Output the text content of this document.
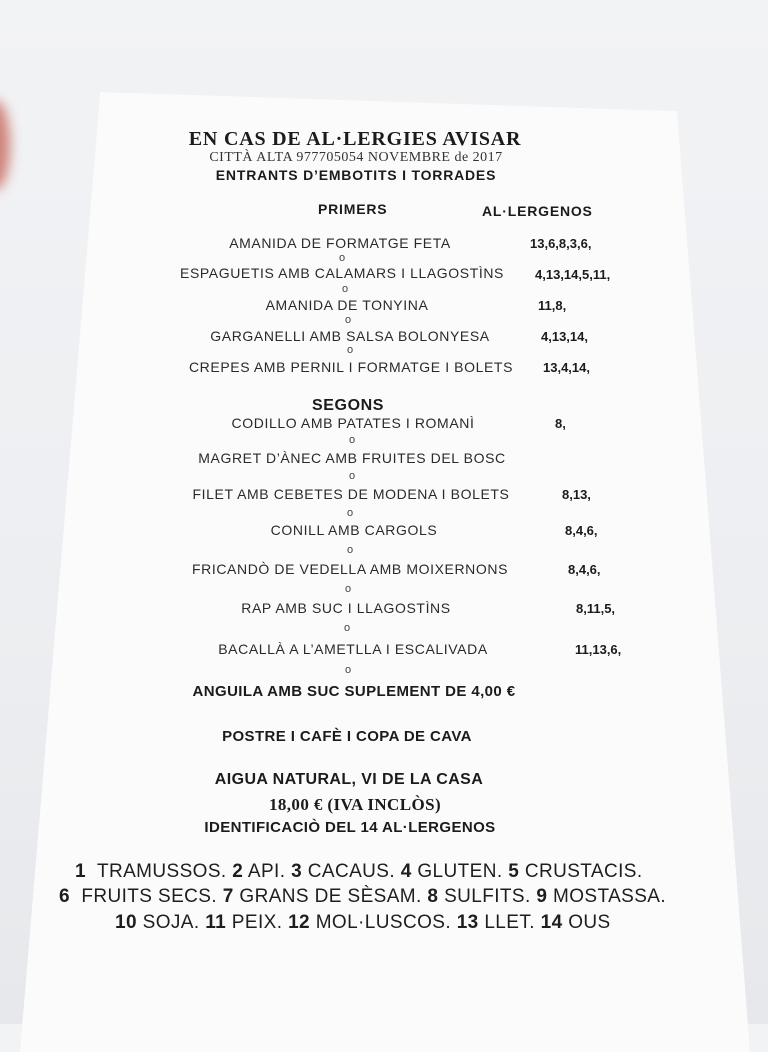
EN CAS DE AL·LERGIES AVISAR
CITTÀ ALTA 977705054 NOVEMBRE de 2017
ENTRANTS D’EMBOTITS I TORRADES
PRIMERS	AL·LERGENOS
AMANIDA DE FORMATGE FETA	13,6,8,3,6,
o
ESPAGUETIS AMB CALAMARS I LLAGOSTÌNS 4,13,14,5,11,
o
AMANIDA DE TONYINA	11,8,
o
GARGANELLI AMB SALSA BOLONYESA	4,13,14,
o
CREPES AMB PERNIL I FORMATGE I BOLETS 13,4,14,
SEGONS
CODILLO AMB PATATES I ROMANÌ	8,
o
MAGRET D’ÀNEC AMB FRUITES DEL BOSC
o
FILET AMB CEBETES DE MODENA I BOLETS	8,13,
o
CONILL AMB CARGOLS	8,4,6,
o
FRICANDÒ DE VEDELLA AMB MOIXERNONS	8,4,6,
o
RAP AMB SUC I LLAGOSTÌNS	8,11,5,
o
BACALLÀ A L’AMETLLA I ESCALIVADA	11,13,6,
o
ANGUILA AMB SUC SUPLEMENT DE 4,00 €
POSTRE I CAFÈ I COPA DE CAVA
AIGUA NATURAL, VI DE LA CASA
18,00 € (IVA INCLÒS)
IDENTIFICACIÒ DEL 14 AL·LERGENOS
1 TRAMUSSOS. 2 API. 3 CACAUS. 4 GLUTEN. 5 CRUSTACIS.
6 FRUITS SECS. 7 GRANS DE SÈSAM. 8 SULFITS. 9 MOSTASSA.
10 SOJA. 11 PEIX. 12 MOL·LUSCOS. 13 LLET. 14 OUS
